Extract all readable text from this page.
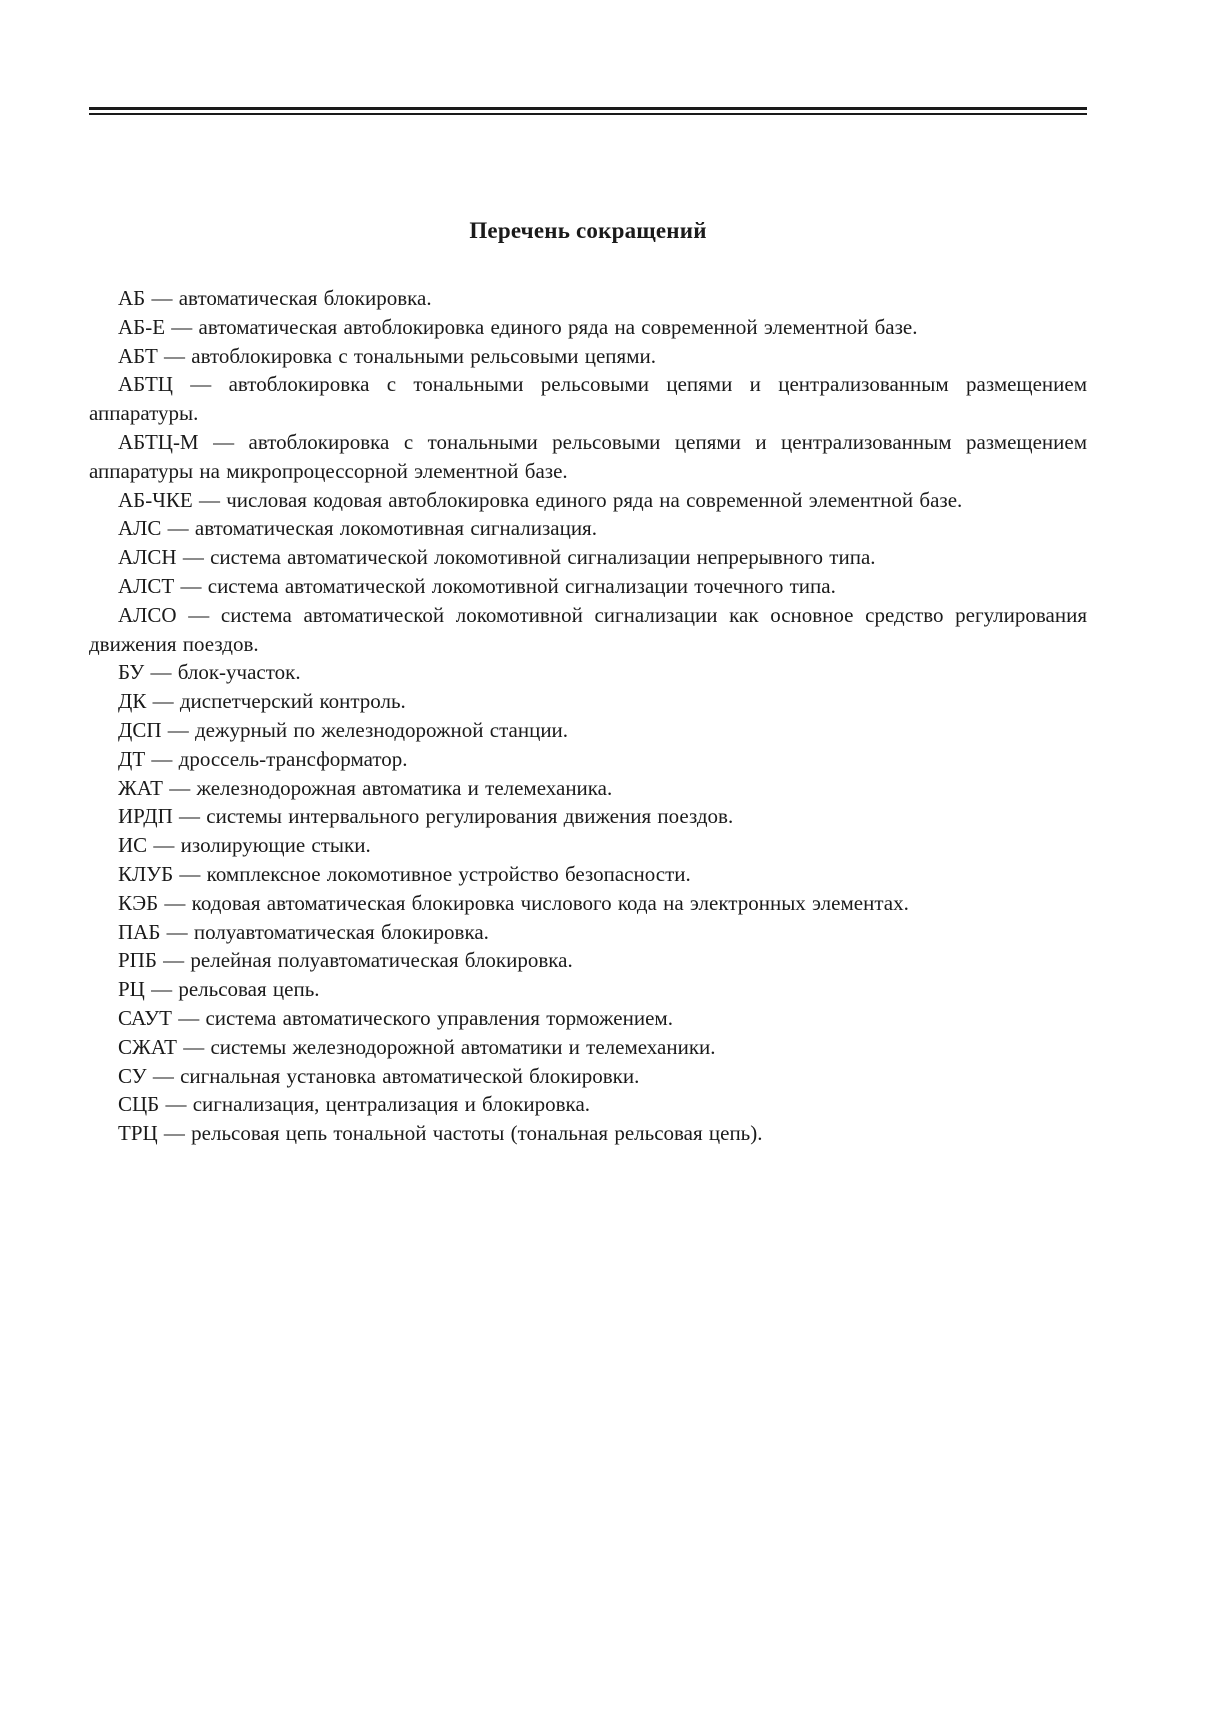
Перечень сокращений
АБ — автоматическая блокировка.
АБ-Е — автоматическая автоблокировка единого ряда на современной элементной базе.
АБТ — автоблокировка с тональными рельсовыми цепями.
АБТЦ — автоблокировка с тональными рельсовыми цепями и централизованным размещением аппаратуры.
АБТЦ-М — автоблокировка с тональными рельсовыми цепями и централизованным размещением аппаратуры на микропроцессорной элементной базе.
АБ-ЧКЕ — числовая кодовая автоблокировка единого ряда на современной элементной базе.
АЛС — автоматическая локомотивная сигнализация.
АЛСН — система автоматической локомотивной сигнализации непрерывного типа.
АЛСТ — система автоматической локомотивной сигнализации точечного типа.
АЛСО — система автоматической локомотивной сигнализации как основное средство регулирования движения поездов.
БУ — блок-участок.
ДК — диспетчерский контроль.
ДСП — дежурный по железнодорожной станции.
ДТ — дроссель-трансформатор.
ЖАТ — железнодорожная автоматика и телемеханика.
ИРДП — системы интервального регулирования движения поездов.
ИС — изолирующие стыки.
КЛУБ — комплексное локомотивное устройство безопасности.
КЭБ — кодовая автоматическая блокировка числового кода на электронных элементах.
ПАБ — полуавтоматическая блокировка.
РПБ — релейная полуавтоматическая блокировка.
РЦ — рельсовая цепь.
САУТ — система автоматического управления торможением.
СЖАТ — системы железнодорожной автоматики и телемеханики.
СУ — сигнальная установка автоматической блокировки.
СЦБ — сигнализация, централизация и блокировка.
ТРЦ — рельсовая цепь тональной частоты (тональная рельсовая цепь).
